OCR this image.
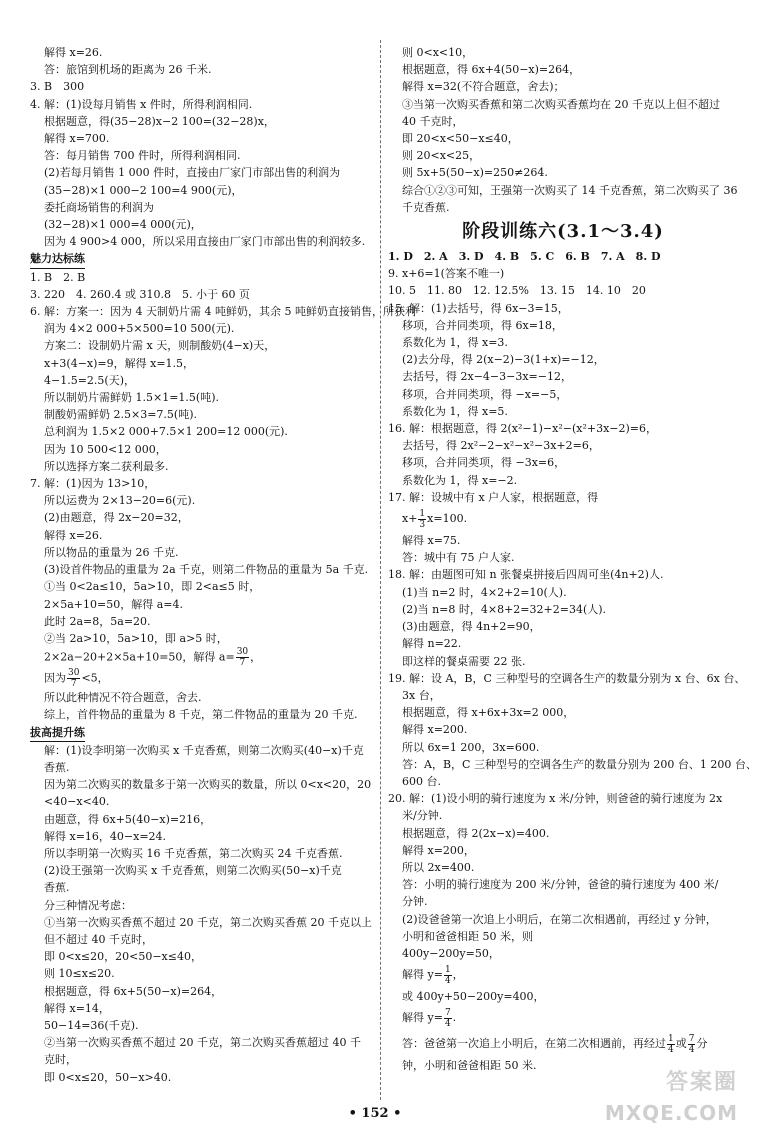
解得 x=26.
答：旅馆到机场的距离为 26 千米.
3. B　300
4. 解：(1)设每月销售 x 件时，所得利润相同.
根据题意，得(35−28)x−2 100=(32−28)x，
解得 x=700.
答：每月销售 700 件时，所得利润相同.
(2)若每月销售 1 000 件时，直接由厂家门市部出售的利润为
(35−28)×1 000−2 100=4 900(元)，
委托商场销售的利润为
(32−28)×1 000=4 000(元)，
因为 4 900>4 000，所以采用直接由厂家门市部出售的利润较多.
魅力达标练
1. B　2. B
3. 220　4. 260.4 或 310.8　5. 小于 60 页
6. 解：方案一：因为 4 天制奶片需 4 吨鲜奶，其余 5 吨鲜奶直接销售，所获利
润为 4×2 000+5×500=10 500(元).
方案二：设制奶片需 x 天，则制酸奶(4−x)天，
x+3(4−x)=9，解得 x=1.5，
4−1.5=2.5(天)，
所以制奶片需鲜奶 1.5×1=1.5(吨).
制酸奶需鲜奶 2.5×3=7.5(吨).
总利润为 1.5×2 000+7.5×1 200=12 000(元).
因为 10 500<12 000，
所以选择方案二获利最多.
7. 解：(1)因为 13>10，
所以运费为 2×13−20=6(元).
(2)由题意，得 2x−20=32，
解得 x=26.
所以物品的重量为 26 千克.
(3)设首件物品的重量为 2a 千克，则第二件物品的重量为 5a 千克.
①当 0<2a≤10，5a>10，即 2<a≤5 时，
2×5a+10=50，解得 a=4.
此时 2a=8，5a=20.
②当 2a>10，5a>10，即 a>5 时，
2×2a−20+2×5a+10=50，解得 $a= \frac{30}{7}$ ，
因为 $\frac{30}{7} <5$，
所以此种情况不符合题意，舍去.
综上，首件物品的重量为 8 千克，第二件物品的重量为 20 千克.
拔高提升练
解：(1)设李明第一次购买 x 千克香蕉，则第二次购买(40−x)千克
香蕉.
因为第二次购买的数量多于第一次购买的数量，所以 0<x<20，20
<40−x<40.
由题意，得 6x+5(40−x)=216，
解得 x=16，40−x=24.
所以李明第一次购买 16 千克香蕉，第二次购买 24 千克香蕉.
(2)设王强第一次购买 x 千克香蕉，则第二次购买(50−x)千克
香蕉.
分三种情况考虑：
①当第一次购买香蕉不超过 20 千克，第二次购买香蕉 20 千克以上
但不超过 40 千克时，
即 0<x≤20，20<50−x≤40，
则 10≤x≤20.
根据题意，得 6x+5(50−x)=264，
解得 x=14，
50−14=36(千克).
②当第一次购买香蕉不超过 20 千克，第二次购买香蕉超过 40 千
克时，
即 0<x≤20，50−x>40.
则 0<x<10，
根据题意，得 6x+4(50−x)=264，
解得 x=32(不符合题意，舍去)；
③当第一次购买香蕉和第二次购买香蕉均在 20 千克以上但不超过
40 千克时，
即 20<x<50−x≤40，
则 20<x<25，
则 5x+5(50−x)=250≠264.
综合①②③可知，王强第一次购买了 14 千克香蕉，第二次购买了 36
千克香蕉.
阶段训练六(3.1～3.4)
1. D　2. A　3. D　4. B　5. C　6. B　7. A　8. D
9. x+6=1(答案不唯一)
10. 5　11. 80　12. 12.5%　13. 15　14. 10　20
15. 解：(1)去括号，得 6x−3=15，
移项，合并同类项，得 6x=18，
系数化为 1，得 x=3.
(2)去分母，得 2(x−2)−3(1+x)=−12，
去括号，得 2x−4−3−3x=−12，
移项，合并同类项，得 −x=−5，
系数化为 1，得 x=5.
16. 解：根据题意，得 2(x²−1)−x²−(x²+3x−2)=6，
去括号，得 2x²−2−x²−x²−3x+2=6，
移项，合并同类项，得 −3x=6，
系数化为 1，得 x=−2.
17. 解：设城中有 x 户人家，根据题意，得
$x+ \frac{1}{3} x=100$.
解得 x=75.
答：城中有 75 户人家.
18. 解：由题图可知 n 张餐桌拼接后四周可坐(4n+2)人.
(1)当 n=2 时，4×2+2=10(人).
(2)当 n=8 时，4×8+2=32+2=34(人).
(3)由题意，得 4n+2=90，
解得 n=22.
即这样的餐桌需要 22 张.
19. 解：设 A，B，C 三种型号的空调各生产的数量分别为 x 台、6x 台、
3x 台，
根据题意，得 x+6x+3x=2 000，
解得 x=200.
所以 6x=1 200，3x=600.
答：A，B，C 三种型号的空调各生产的数量分别为 200 台、1 200 台、
600 台.
20. 解：(1)设小明的骑行速度为 x 米/分钟，则爸爸的骑行速度为 2x
米/分钟.
根据题意，得 2(2x−x)=400.
解得 x=200，
所以 2x=400.
答：小明的骑行速度为 200 米/分钟，爸爸的骑行速度为 400 米/
分钟.
(2)设爸爸第一次追上小明后，在第二次相遇前，再经过 y 分钟，
小明和爸爸相距 50 米，则
400y−200y=50，
解得 $y= \frac{1}{4}$ ，
或 400y+50−200y=400，
解得 $y= \frac{7}{4}$ .
答：爸爸第一次追上小明后，在第二次相遇前，再经过 $\frac{1}{4}$ 或 $\frac{7}{4}$ 分
钟，小明和爸爸相距 50 米.
• 152 •
答案圈
MXQE.COM
